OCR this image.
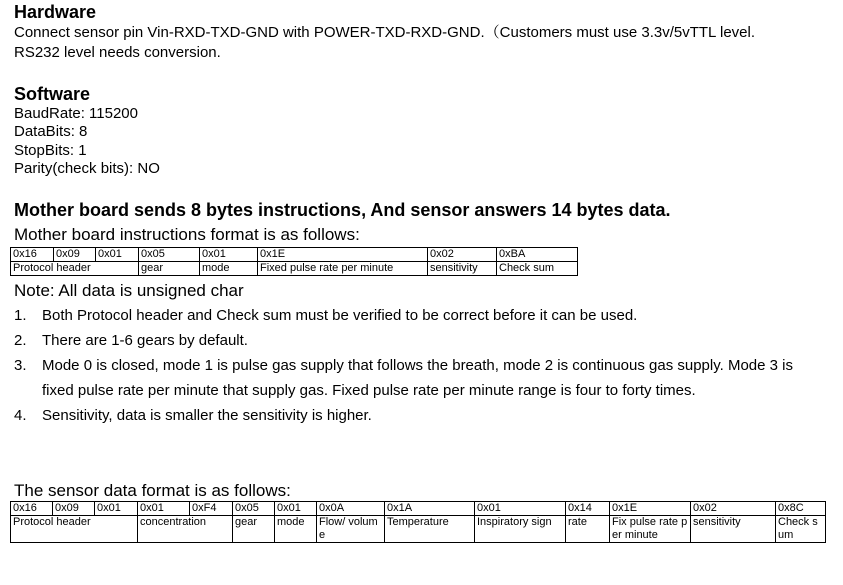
Hardware
Connect sensor pin Vin-RXD-TXD-GND with POWER-TXD-RXD-GND.（Customers must use 3.3v/5vTTL level.
RS232 level needs conversion.
Software
BaudRate: 115200
DataBits: 8
StopBits: 1
Parity(check bits): NO
Mother board sends 8 bytes instructions, And sensor answers 14 bytes data.
Mother board instructions format is as follows:
0x16	0x09	0x01	0x05	0x01	0x1E	0x02	0xBA
Protocol header			gear	mode	Fixed pulse rate per minute	sensitivity	Check sum
Note: All data is unsigned char
1. Both Protocol header and Check sum must be verified to be correct before it can be used.
2. There are 1-6 gears by default.
3. Mode 0 is closed, mode 1 is pulse gas supply that follows the breath, mode 2 is continuous gas supply. Mode 3 is fixed pulse rate per minute that supply gas. Fixed pulse rate per minute range is four to forty times.
4. Sensitivity, data is smaller the sensitivity is higher.
The sensor data format is as follows:
0x16	0x09	0x01	0x01	0xF4	0x05	0x01	0x0A	0x1A	0x01	0x14	0x1E	0x02	0x8C
Protocol header			concentration		gear	mode	Flow/ volume	Temperature	Inspiratory sign	rate	Fix pulse rate per minute	sensitivity	Check sum
